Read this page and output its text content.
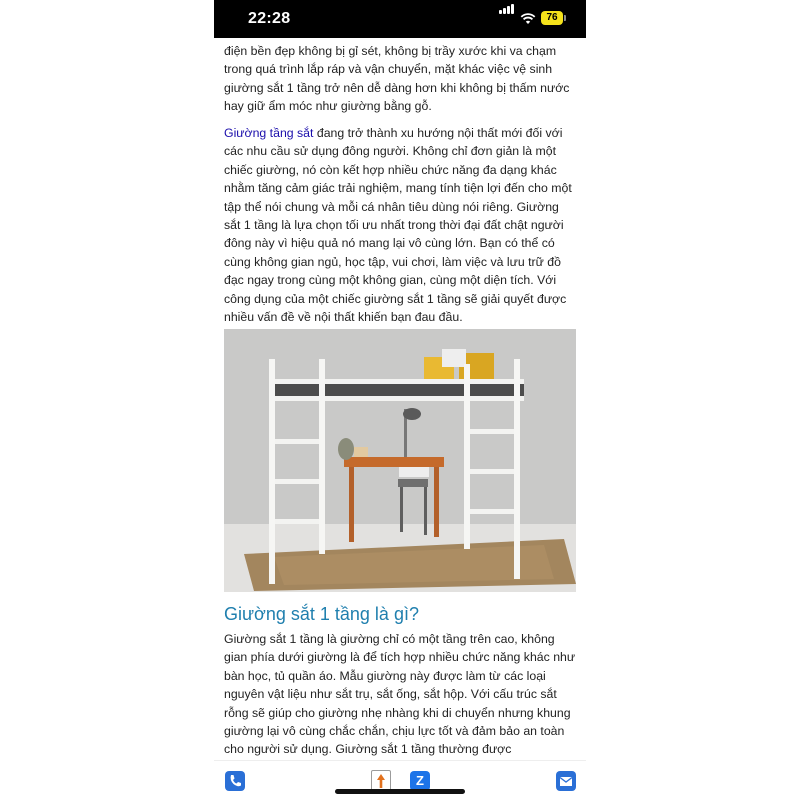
22:28	76

điện bền đẹp không bị gỉ sét, không bị trầy xước khi va chạm trong quá trình lắp ráp và vận chuyển, mặt khác việc vệ sinh giường sắt 1 tầng trở nên dễ dàng hơn khi không bị thấm nước hay giữ ẩm móc như giường bằng gỗ.

Giường tầng sắt đang trở thành xu hướng nội thất mới đối với các nhu cầu sử dụng đông người. Không chỉ đơn giản là một chiếc giường, nó còn kết hợp nhiều chức năng đa dạng khác nhằm tăng cảm giác trải nghiệm, mang tính tiện lợi đến cho một tập thể nói chung và mỗi cá nhân tiêu dùng nói riêng. Giường sắt 1 tầng là lựa chọn tối ưu nhất trong thời đại đất chật người đông này vì hiệu quả nó mang lại vô cùng lớn. Bạn có thể có cùng không gian ngủ, học tập, vui chơi, làm việc và lưu trữ đồ đạc ngay trong cùng một không gian, cùng một diện tích. Với công dụng của một chiếc giường sắt 1 tầng sẽ giải quyết được nhiều vấn đề về nội thất khiến bạn đau đầu.

Giường sắt 1 tầng là gì?

Giường sắt 1 tầng là giường chỉ có một tầng trên cao, không gian phía dưới giường là để tích hợp nhiều chức năng khác như bàn học, tủ quần áo. Mẫu giường này được làm từ các loại nguyên vật liệu như sắt trụ, sắt ống, sắt hộp. Với cấu trúc sắt rỗng sẽ giúp cho giường nhẹ nhàng khi di chuyển nhưng khung giường lại vô cùng chắc chắn, chịu lực tốt và đảm bảo an toàn cho người sử dụng. Giường sắt 1 tầng thường được

Z
